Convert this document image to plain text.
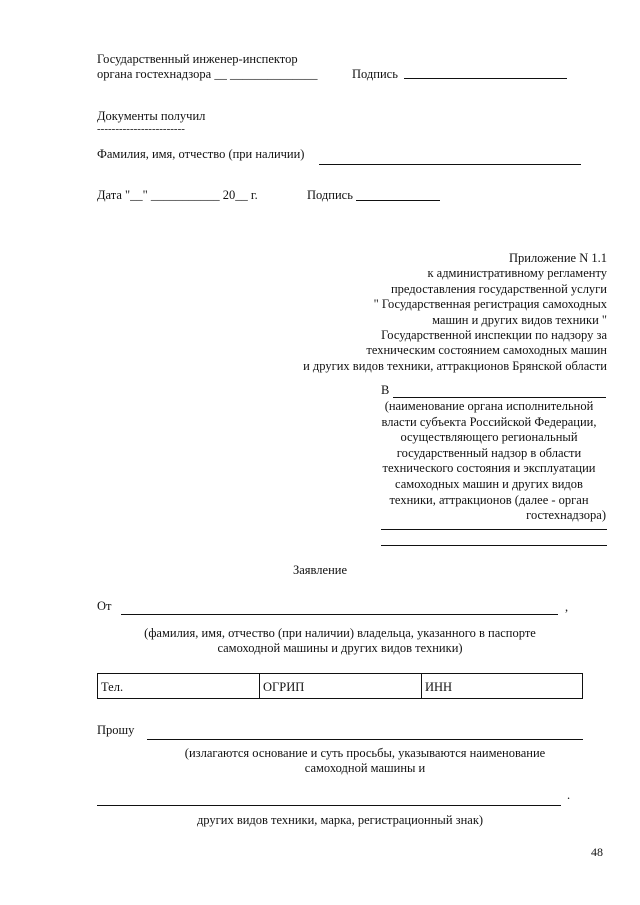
Государственный инженер-инспектор
органа гостехнадзора __ ______________	Подпись
Документы получил
------------------------
Фамилия, имя, отчество (при наличии)
Дата "__" ___________ 20__ г.	Подпись
Приложение N 1.1
к административному регламенту
предоставления государственной услуги
" Государственная регистрация самоходных
машин и других видов техники "
Государственной инспекции по надзору за
техническим состоянием самоходных машин
и других видов техники, аттракционов Брянской области
В
(наименование органа исполнительной
власти субъекта Российской Федерации,
осуществляющего региональный
государственный надзор в области
технического состояния и эксплуатации
самоходных машин и других видов
техники, аттракционов (далее - орган
гостехнадзора)
Заявление
От	,
(фамилия, имя, отчество (при наличии) владельца, указанного в паспорте
самоходной машины и других видов техники)
Тел.	ОГРИП	ИНН
Прошу
(излагаются основание и суть просьбы, указываются наименование
самоходной машины и
.
других видов техники, марка, регистрационный знак)
48
